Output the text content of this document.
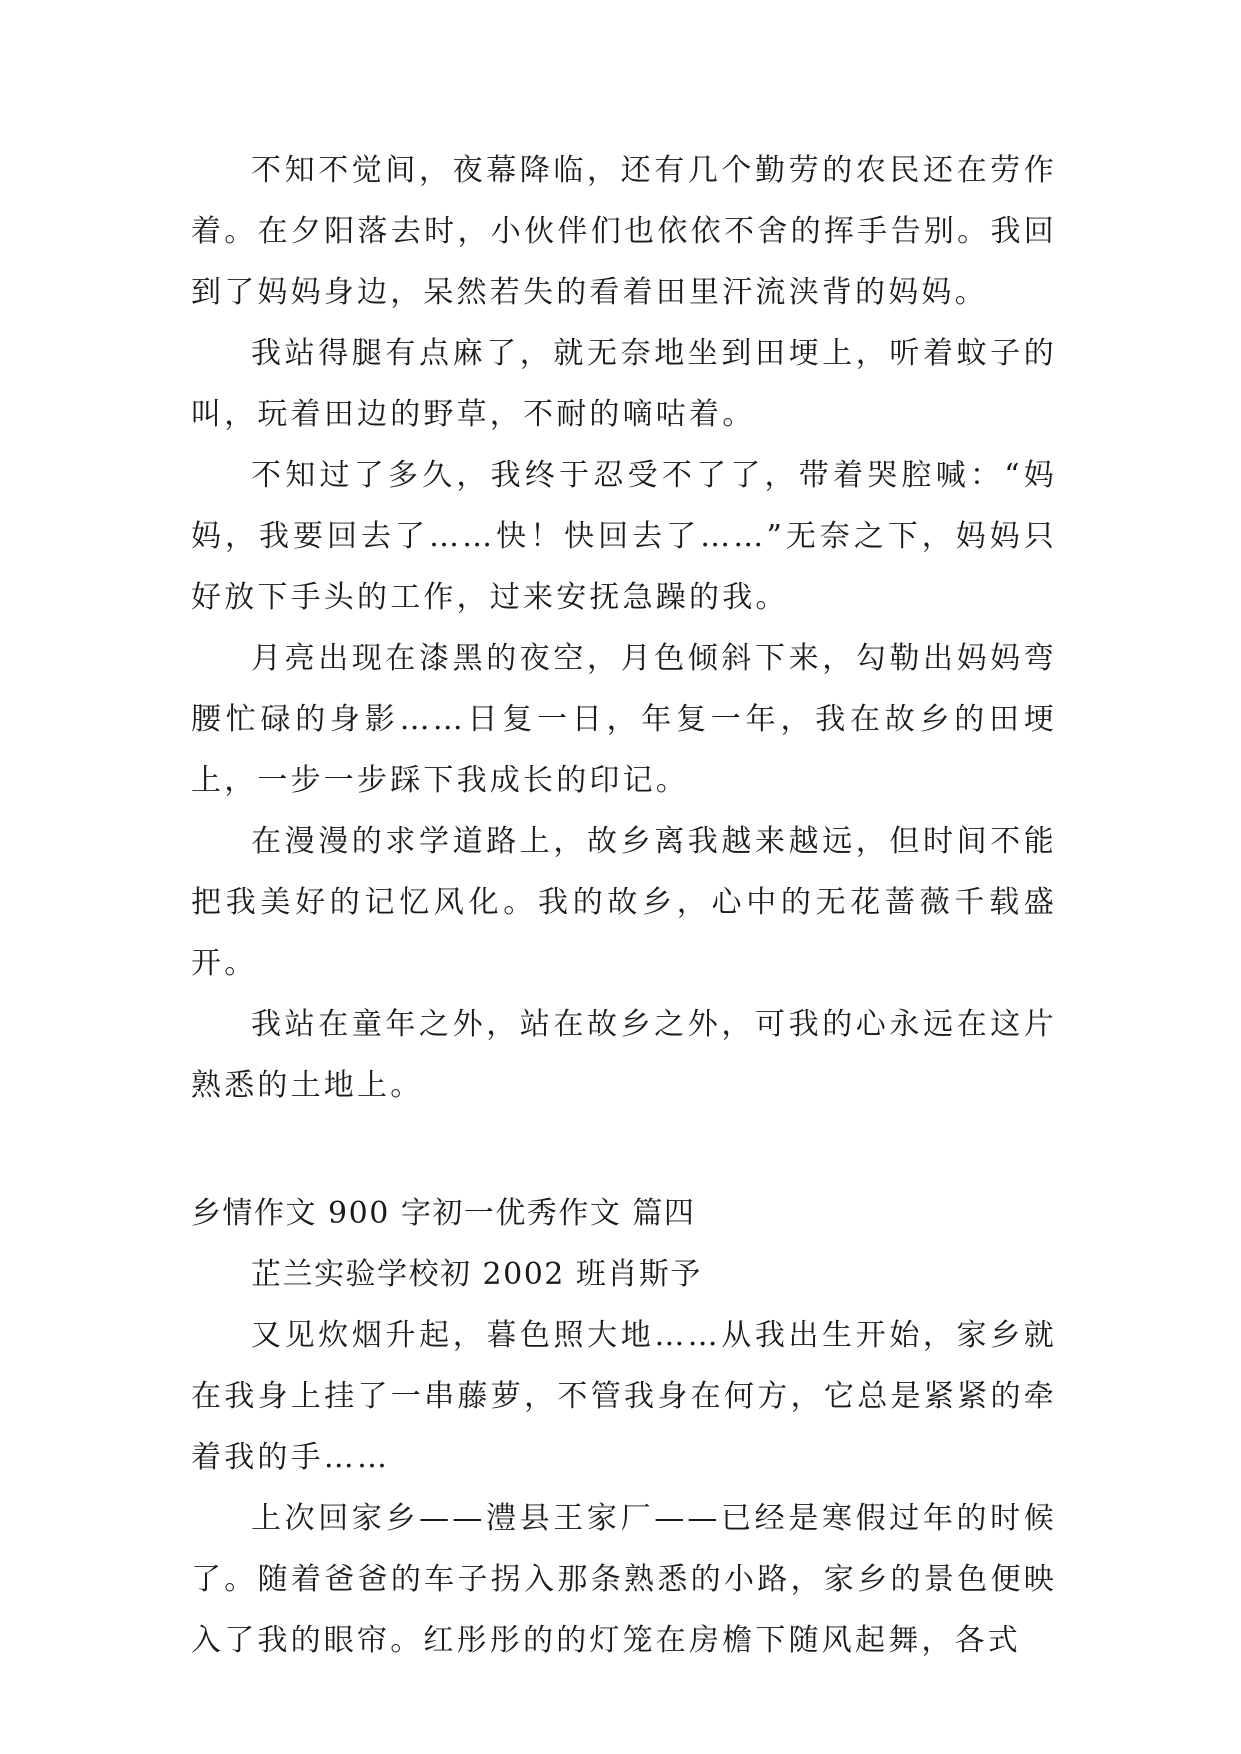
不知不觉间，夜幕降临，还有几个勤劳的农民还在劳作着。在夕阳落去时，小伙伴们也依依不舍的挥手告别。我回到了妈妈身边，呆然若失的看着田里汗流浃背的妈妈。

我站得腿有点麻了，就无奈地坐到田埂上，听着蚊子的叫，玩着田边的野草，不耐的嘀咕着。

不知过了多久，我终于忍受不了了，带着哭腔喊：“妈妈，我要回去了……快！快回去了……”无奈之下，妈妈只好放下手头的工作，过来安抚急躁的我。

月亮出现在漆黑的夜空，月色倾斜下来，勾勒出妈妈弯腰忙碌的身影……日复一日，年复一年，我在故乡的田埂上，一步一步踩下我成长的印记。

在漫漫的求学道路上，故乡离我越来越远，但时间不能把我美好的记忆风化。我的故乡，心中的无花蔷薇千载盛开。

我站在童年之外，站在故乡之外，可我的心永远在这片熟悉的土地上。

乡情作文 900 字初一优秀作文 篇四

芷兰实验学校初 2002 班肖斯予

又见炊烟升起，暮色照大地……从我出生开始，家乡就在我身上挂了一串藤萝，不管我身在何方，它总是紧紧的牵着我的手……

上次回家乡——澧县王家厂——已经是寒假过年的时候了。随着爸爸的车子拐入那条熟悉的小路，家乡的景色便映入了我的眼帘。红彤彤的的灯笼在房檐下随风起舞，各式
